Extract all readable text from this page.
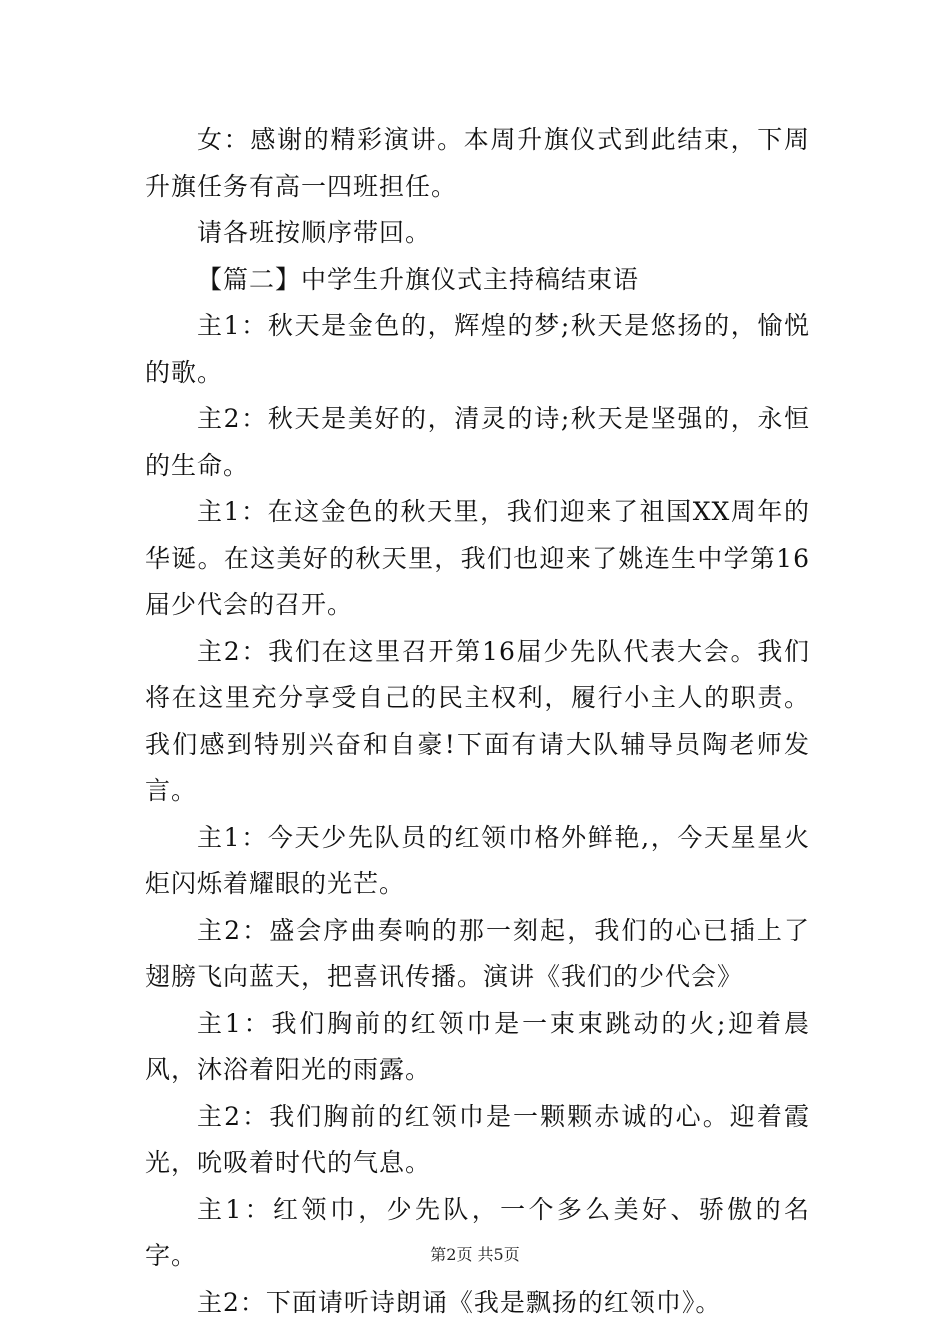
女：感谢的精彩演讲。本周升旗仪式到此结束，下周升旗任务有高一四班担任。

请各班按顺序带回。

【篇二】中学生升旗仪式主持稿结束语

主1：秋天是金色的，辉煌的梦;秋天是悠扬的，愉悦的歌。

主2：秋天是美好的，清灵的诗;秋天是坚强的，永恒的生命。

主1：在这金色的秋天里，我们迎来了祖国XX周年的华诞。在这美好的秋天里，我们也迎来了姚连生中学第16届少代会的召开。

主2：我们在这里召开第16届少先队代表大会。我们将在这里充分享受自己的民主权利，履行小主人的职责。我们感到特别兴奋和自豪!下面有请大队辅导员陶老师发言。

主1：今天少先队员的红领巾格外鲜艳,，今天星星火炬闪烁着耀眼的光芒。

主2：盛会序曲奏响的那一刻起，我们的心已插上了翅膀飞向蓝天，把喜讯传播。演讲《我们的少代会》

主1：我们胸前的红领巾是一束束跳动的火;迎着晨风，沐浴着阳光的雨露。

主2：我们胸前的红领巾是一颗颗赤诚的心。迎着霞光，吮吸着时代的气息。

主1：红领巾，少先队，一个多么美好、骄傲的名字。

主2：下面请听诗朗诵《我是飘扬的红领巾》。

第2页 共5页
